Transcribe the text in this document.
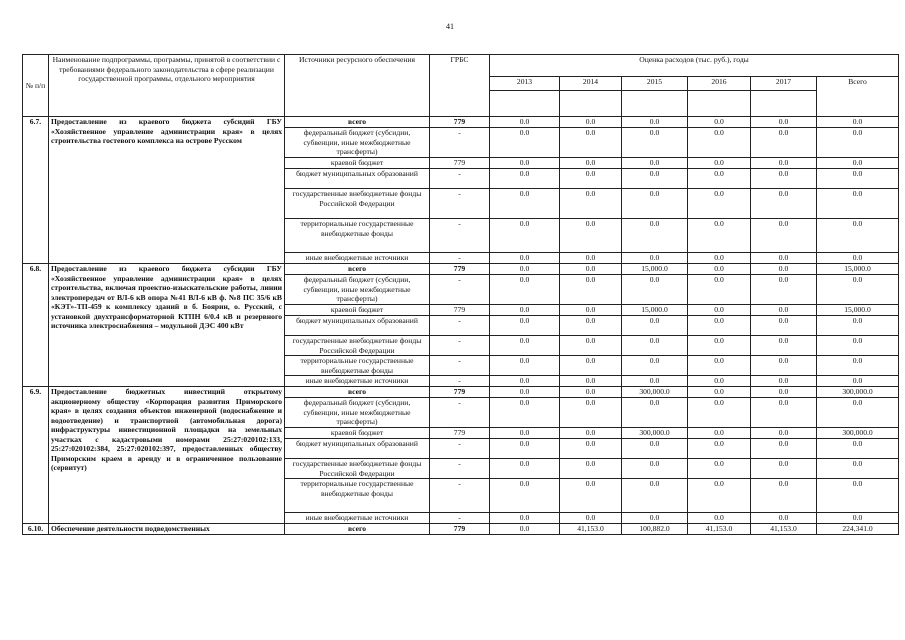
41
№ п/п	Наименование подпрограммы, программы, принятой в соответствии с требованиями федерального законодательства в сфере реализации государственной программы, отдельного мероприятия	Источники ресурсного обеспечения	ГРБС	Оценка расходов (тыс. руб.), годы					
				2013	2014	2015	2016	2017	Всего

6.7.	Предоставление из краевого бюджета субсидий ГБУ «Хозяйственное управление администрации края» в целях строительства гостевого комплекса на острове Русском	всего	779	0.0	0.0	0.0	0.0	0.0	0.0
		федеральный бюджет (субсидии, субвенции, иные межбюджетные трансферты)	-	0.0	0.0	0.0	0.0	0.0	0.0
		краевой бюджет	779	0.0	0.0	0.0	0.0	0.0	0.0
		бюджет муниципальных образований	-	0.0	0.0	0.0	0.0	0.0	0.0
		государственные внебюджетные фонды Российской Федерации	-	0.0	0.0	0.0	0.0	0.0	0.0
		территориальные государственные внебюджетные фонды	-	0.0	0.0	0.0	0.0	0.0	0.0
		иные внебюджетные источники	-	0.0	0.0	0.0	0.0	0.0	0.0
6.8.	Предоставление из краевого бюджета субсидии ГБУ «Хозяйственное управление администрации края» в целях строительства, включая проектно-изыскательские работы, линии электропередач от ВЛ-6 кВ опора №41 ВЛ-6 кВ ф. №8 ПС 35/6 кВ «КЭТ»-ТП-459 к комплексу зданий в б. Боярин, о. Русский, с установкой двухтрансформаторной КТПН 6/0.4 кВ и резервного источника электроснабжения – модульной ДЭС 400 кВт	всего	779	0.0	0.0	15,000.0	0.0	0.0	15,000.0
		федеральный бюджет (субсидии, субвенции, иные межбюджетные трансферты)	-	0.0	0.0	0.0	0.0	0.0	0.0
		краевой бюджет	779	0.0	0.0	15,000.0	0.0	0.0	15,000.0
		бюджет муниципальных образований	-	0.0	0.0	0.0	0.0	0.0	0.0
		государственные внебюджетные фонды Российской Федерации	-	0.0	0.0	0.0	0.0	0.0	0.0
		территориальные государственные внебюджетные фонды	-	0.0	0.0	0.0	0.0	0.0	0.0
		иные внебюджетные источники	-	0.0	0.0	0.0	0.0	0.0	0.0
6.9.	Предоставление бюджетных инвестиций открытому акционерному обществу «Корпорация развития Приморского края» в целях создания объектов инженерной (водоснабжение и водоотведение) и транспортной (автомобильная дорога) инфраструктуры инвестиционной площадки на земельных участках с кадастровыми номерами 25:27:020102:133, 25:27:020102:384, 25:27:020102:397, предоставленных обществу Приморским краем в аренду и в ограниченное пользование (сервитут)	всего	779	0.0	0.0	300,000.0	0.0	0.0	300,000.0
		федеральный бюджет (субсидии, субвенции, иные межбюджетные трансферты)	-	0.0	0.0	0.0	0.0	0.0	0.0
		краевой бюджет	779	0.0	0.0	300,000.0	0.0	0.0	300,000.0
		бюджет муниципальных образований	-	0.0	0.0	0.0	0.0	0.0	0.0
		государственные внебюджетные фонды Российской Федерации	-	0.0	0.0	0.0	0.0	0.0	0.0
		территориальные государственные внебюджетные фонды	-	0.0	0.0	0.0	0.0	0.0	0.0
		иные внебюджетные источники	-	0.0	0.0	0.0	0.0	0.0	0.0
6.10.	Обеспечение деятельности подведомственных	всего	779	0.0	41,153.0	100,882.0	41,153.0	41,153.0	224,341.0
